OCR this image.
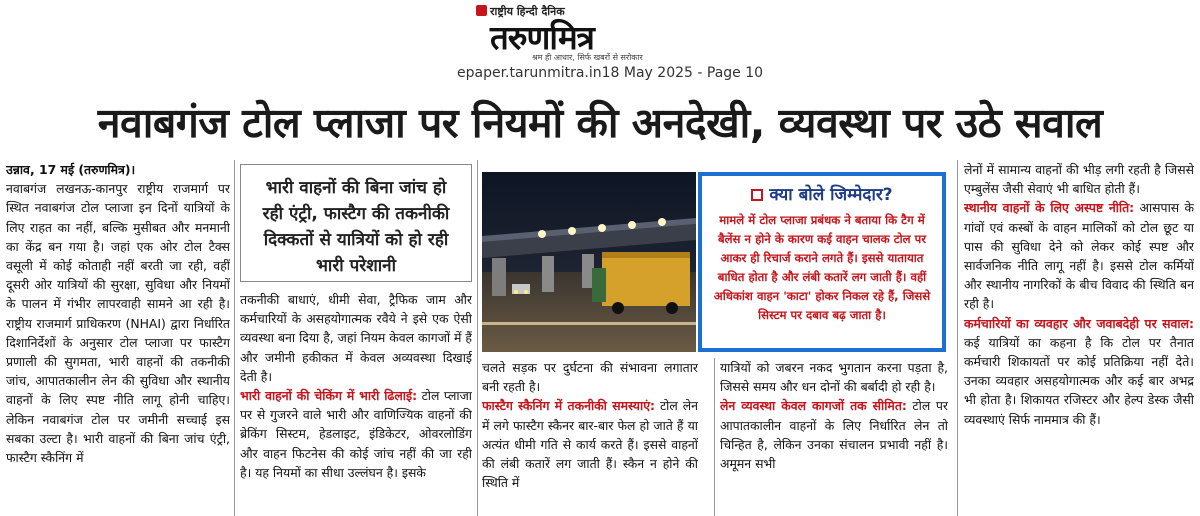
राष्ट्रीय हिन्दी दैनिक
तरुणमित्र
श्रम ही आधार, सिर्फ खबरों से सरोकार
epaper.tarunmitra.in18 May 2025 - Page 10
नवाबगंज टोल प्लाजा पर नियमों की अनदेखी, व्यवस्था पर उठे सवाल

उन्नाव, 17 मई (तरुणमित्र)।
नवाबगंज लखनऊ-कानपुर राष्ट्रीय राजमार्ग पर स्थित नवाबगंज टोल प्लाजा इन दिनों यात्रियों के लिए राहत का नहीं, बल्कि मुसीबत और मनमानी का केंद्र बन गया है। जहां एक ओर टोल टैक्स वसूली में कोई कोताही नहीं बरती जा रही, वहीं दूसरी ओर यात्रियों की सुरक्षा, सुविधा और नियमों के पालन में गंभीर लापरवाही सामने आ रही है। राष्ट्रीय राजमार्ग प्राधिकरण (NHAI) द्वारा निर्धारित दिशानिर्देशों के अनुसार टोल प्लाजा पर फास्टैग प्रणाली की सुगमता, भारी वाहनों की तकनीकी जांच, आपातकालीन लेन की सुविधा और स्थानीय वाहनों के लिए स्पष्ट नीति लागू होनी चाहिए। लेकिन नवाबगंज टोल पर जमीनी सच्चाई इस सबका उल्टा है। भारी वाहनों की बिना जांच एंट्री, फास्टैग स्कैनिंग में

भारी वाहनों की बिना जांच हो रही एंट्री, फास्टैग की तकनीकी दिक्कतों से यात्रियों को हो रही भारी परेशानी

तकनीकी बाधाएं, धीमी सेवा, ट्रैफिक जाम और कर्मचारियों के असहयोगात्मक रवैये ने इसे एक ऐसी व्यवस्था बना दिया है, जहां नियम केवल कागजों में हैं और जमीनी हकीकत में केवल अव्यवस्था दिखाई देती है।

भारी वाहनों की चेकिंग में भारी ढिलाई: टोल प्लाजा पर से गुजरने वाले भारी और वाणिज्यिक वाहनों की ब्रेकिंग सिस्टम, हेडलाइट, इंडिकेटर, ओवरलोडिंग और वाहन फिटनेस की कोई जांच नहीं की जा रही है। यह नियमों का सीधा उल्लंघन है। इसके

क्या बोले जिम्मेदार?
मामले में टोल प्लाजा प्रबंधक ने बताया कि टैग में बैलेंस न होने के कारण कई वाहन चालक टोल पर आकर ही रिचार्ज कराने लगते हैं। इससे यातायात बाधित होता है और लंबी कतारें लग जाती हैं। वहीं अधिकांश वाहन 'काटा' होकर निकल रहे हैं, जिससे सिस्टम पर दबाव बढ़ जाता है।

चलते सड़क पर दुर्घटना की संभावना लगातार बनी रहती है।

फास्टैग स्कैनिंग में तकनीकी समस्याएं: टोल लेन में लगे फास्टैग स्कैनर बार-बार फेल हो जाते हैं या अत्यंत धीमी गति से कार्य करते हैं। इससे वाहनों की लंबी कतारें लग जाती हैं। स्कैन न होने की स्थिति में

यात्रियों को जबरन नकद भुगतान करना पड़ता है, जिससे समय और धन दोनों की बर्बादी हो रही है।

लेन व्यवस्था केवल कागजों तक सीमित: टोल पर आपातकालीन वाहनों के लिए निर्धारित लेन तो चिन्हित है, लेकिन उनका संचालन प्रभावी नहीं है। अमूमन सभी

लेनों में सामान्य वाहनों की भीड़ लगी रहती है जिससे एम्बुलेंस जैसी सेवाएं भी बाधित होती हैं।

स्थानीय वाहनों के लिए अस्पष्ट नीति: आसपास के गांवों एवं कस्बों के वाहन मालिकों को टोल छूट या पास की सुविधा देने को लेकर कोई स्पष्ट और सार्वजनिक नीति लागू नहीं है। इससे टोल कर्मियों और स्थानीय नागरिकों के बीच विवाद की स्थिति बन रही है।

कर्मचारियों का व्यवहार और जवाबदेही पर सवाल: कई यात्रियों का कहना है कि टोल पर तैनात कर्मचारी शिकायतों पर कोई प्रतिक्रिया नहीं देते। उनका व्यवहार असहयोगात्मक और कई बार अभद्र भी होता है। शिकायत रजिस्टर और हेल्प डेस्क जैसी व्यवस्थाएं सिर्फ नाममात्र की हैं।
